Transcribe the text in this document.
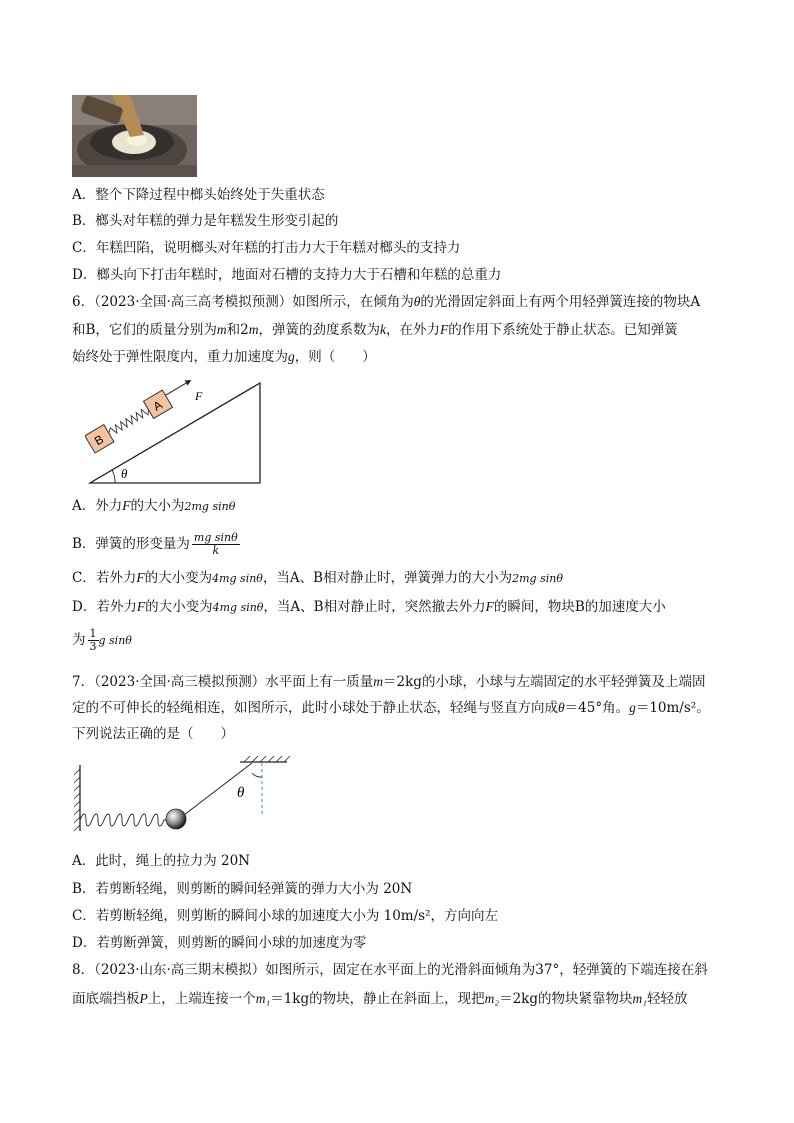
A．整个下降过程中榔头始终处于失重状态
B．榔头对年糕的弹力是年糕发生形变引起的
C．年糕凹陷，说明榔头对年糕的打击力大于年糕对榔头的支持力
D．榔头向下打击年糕时，地面对石槽的支持力大于石槽和年糕的总重力
6．（2023·全国·高三高考模拟预测）如图所示，在倾角为θ的光滑固定斜面上有两个用轻弹簧连接的物块A
和B，它们的质量分别为m和2m，弹簧的劲度系数为k，在外力F的作用下系统处于静止状态。已知弹簧
始终处于弹性限度内，重力加速度为g，则（　　）
B
A
F
θ
A．外力F的大小为2mg sinθ
B．弹簧的形变量为 $\frac{\text{mg sinθ}}{k}$
C．若外力F的大小变为4mg sinθ，当A、B相对静止时，弹簧弹力的大小为2mg sinθ
D．若外力F的大小变为4mg sinθ，当A、B相对静止时，突然撤去外力F的瞬间，物块B的加速度大小
为 $\frac{1}{3}$ g sinθ
7．（2023·全国·高三模拟预测）水平面上有一质量m＝2kg的小球，小球与左端固定的水平轻弹簧及上端固
定的不可伸长的轻绳相连，如图所示，此时小球处于静止状态，轻绳与竖直方向成θ＝45°角。g＝10m/s²。
下列说法正确的是（　　）
θ
A．此时，绳上的拉力为 20N
B．若剪断轻绳，则剪断的瞬间轻弹簧的弹力大小为 20N
C．若剪断轻绳，则剪断的瞬间小球的加速度大小为 10m/s²，方向向左
D．若剪断弹簧，则剪断的瞬间小球的加速度为零
8．（2023·山东·高三期末模拟）如图所示，固定在水平面上的光滑斜面倾角为37°，轻弹簧的下端连接在斜
面底端挡板P上，上端连接一个m₁＝1kg的物块，静止在斜面上，现把m₂＝2kg的物块紧靠物块m₁轻轻放
